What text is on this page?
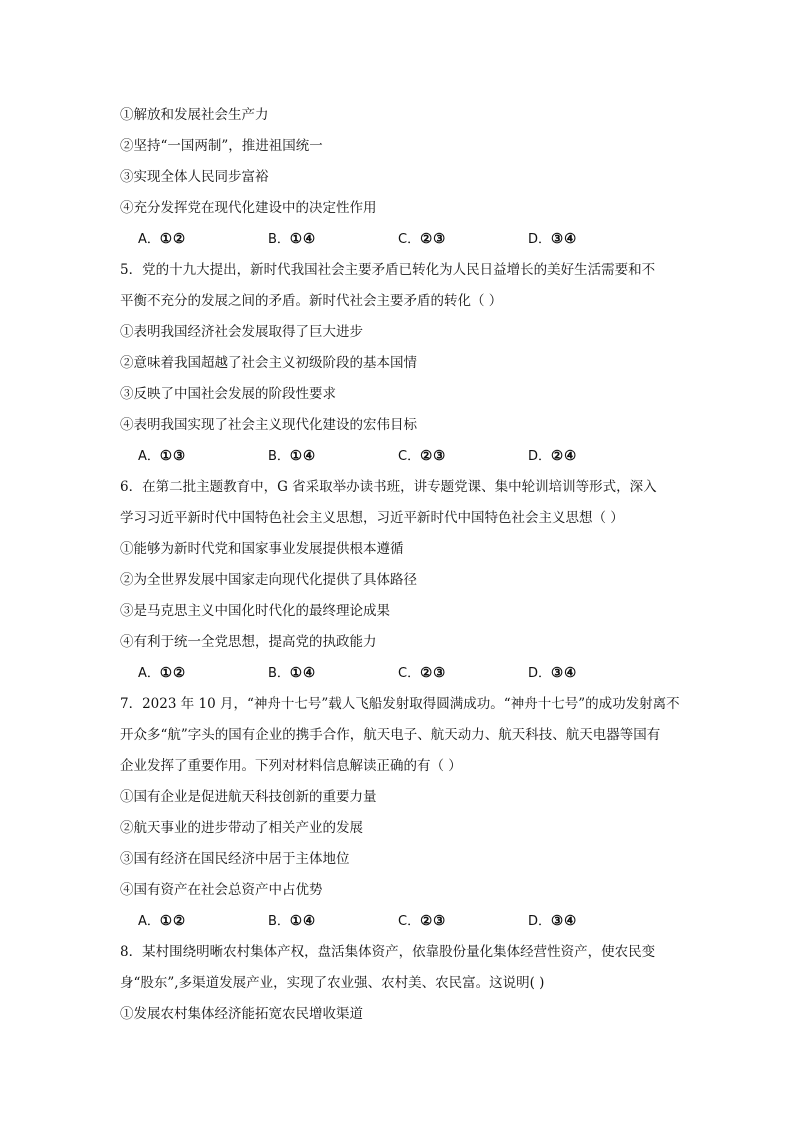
①解放和发展社会生产力
②坚持“一国两制”，推进祖国统一
③实现全体人民同步富裕
④充分发挥党在现代化建设中的决定性作用
A．①②	B．①④	C．②③	D．③④
5．党的十九大提出，新时代我国社会主要矛盾已转化为人民日益增长的美好生活需要和不
平衡不充分的发展之间的矛盾。新时代社会主要矛盾的转化（ ）
①表明我国经济社会发展取得了巨大进步
②意味着我国超越了社会主义初级阶段的基本国情
③反映了中国社会发展的阶段性要求
④表明我国实现了社会主义现代化建设的宏伟目标
A．①③	B．①④	C．②③	D．②④
6．在第二批主题教育中，G 省采取举办读书班，讲专题党课、集中轮训培训等形式，深入
学习习近平新时代中国特色社会主义思想，习近平新时代中国特色社会主义思想（ ）
①能够为新时代党和国家事业发展提供根本遵循
②为全世界发展中国家走向现代化提供了具体路径
③是马克思主义中国化时代化的最终理论成果
④有利于统一全党思想，提高党的执政能力
A．①②	B．①④	C．②③	D．③④
7．2023 年 10 月，“神舟十七号”载人飞船发射取得圆满成功。“神舟十七号”的成功发射离不
开众多“航”字头的国有企业的携手合作，航天电子、航天动力、航天科技、航天电器等国有
企业发挥了重要作用。下列对材料信息解读正确的有（ ）
①国有企业是促进航天科技创新的重要力量
②航天事业的进步带动了相关产业的发展
③国有经济在国民经济中居于主体地位
④国有资产在社会总资产中占优势
A．①②	B．①④	C．②③	D．③④
8．某村围绕明晰农村集体产权，盘活集体资产，依靠股份量化集体经营性资产，使农民变
身“股东”,多渠道发展产业，实现了农业强、农村美、农民富。这说明( )
①发展农村集体经济能拓宽农民增收渠道
